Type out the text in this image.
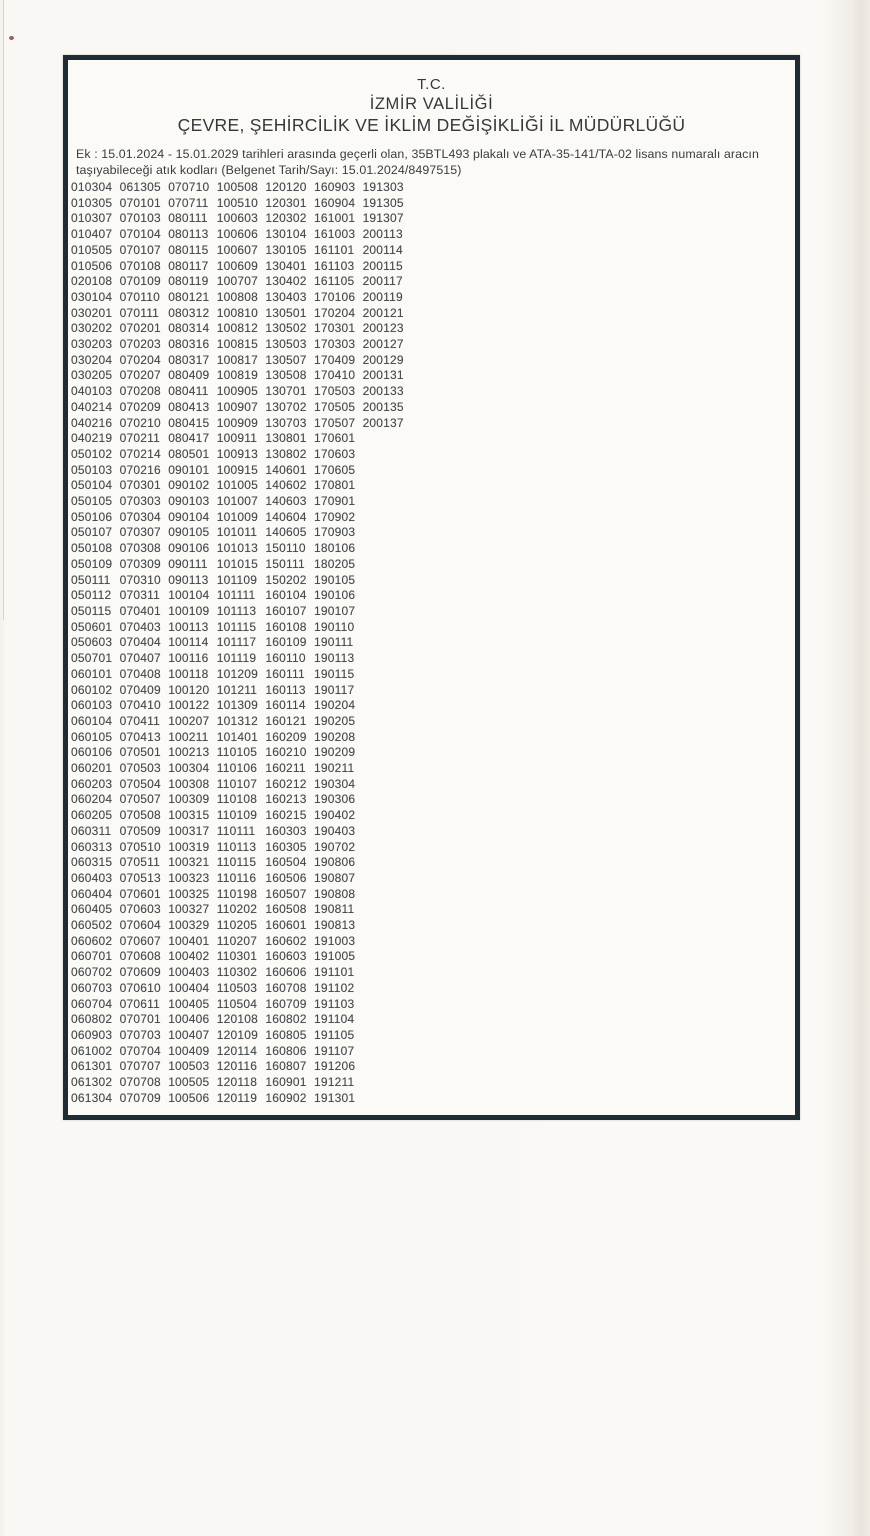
T.C.
İZMİR VALİLİĞİ
ÇEVRE, ŞEHİRCİLİK VE İKLİM DEĞİŞİKLİĞİ İL MÜDÜRLÜĞÜ
Ek : 15.01.2024 - 15.01.2029 tarihleri arasında geçerli olan, 35BTL493 plakalı ve ATA-35-141/TA-02 lisans numaralı aracın
taşıyabileceği atık kodları (Belgenet Tarih/Sayı: 15.01.2024/8497515)
010304
010305
010307
010407
010505
010506
020108
030104
030201
030202
030203
030204
030205
040103
040214
040216
040219
050102
050103
050104
050105
050106
050107
050108
050109
050111
050112
050115
050601
050603
050701
060101
060102
060103
060104
060105
060106
060201
060203
060204
060205
060311
060313
060315
060403
060404
060405
060502
060602
060701
060702
060703
060704
060802
060903
061002
061301
061302
061304
061305
070101
070103
070104
070107
070108
070109
070110
070111
070201
070203
070204
070207
070208
070209
070210
070211
070214
070216
070301
070303
070304
070307
070308
070309
070310
070311
070401
070403
070404
070407
070408
070409
070410
070411
070413
070501
070503
070504
070507
070508
070509
070510
070511
070513
070601
070603
070604
070607
070608
070609
070610
070611
070701
070703
070704
070707
070708
070709
070710
070711
080111
080113
080115
080117
080119
080121
080312
080314
080316
080317
080409
080411
080413
080415
080417
080501
090101
090102
090103
090104
090105
090106
090111
090113
100104
100109
100113
100114
100116
100118
100120
100122
100207
100211
100213
100304
100308
100309
100315
100317
100319
100321
100323
100325
100327
100329
100401
100402
100403
100404
100405
100406
100407
100409
100503
100505
100506
100508
100510
100603
100606
100607
100609
100707
100808
100810
100812
100815
100817
100819
100905
100907
100909
100911
100913
100915
101005
101007
101009
101011
101013
101015
101109
101111
101113
101115
101117
101119
101209
101211
101309
101312
101401
110105
110106
110107
110108
110109
110111
110113
110115
110116
110198
110202
110205
110207
110301
110302
110503
110504
120108
120109
120114
120116
120118
120119
120120
120301
120302
130104
130105
130401
130402
130403
130501
130502
130503
130507
130508
130701
130702
130703
130801
130802
140601
140602
140603
140604
140605
150110
150111
150202
160104
160107
160108
160109
160110
160111
160113
160114
160121
160209
160210
160211
160212
160213
160215
160303
160305
160504
160506
160507
160508
160601
160602
160603
160606
160708
160709
160802
160805
160806
160807
160901
160902
160903
160904
161001
161003
161101
161103
161105
170106
170204
170301
170303
170409
170410
170503
170505
170507
170601
170603
170605
170801
170901
170902
170903
180106
180205
190105
190106
190107
190110
190111
190113
190115
190117
190204
190205
190208
190209
190211
190304
190306
190402
190403
190702
190806
190807
190808
190811
190813
191003
191005
191101
191102
191103
191104
191105
191107
191206
191211
191301
191303
191305
191307
200113
200114
200115
200117
200119
200121
200123
200127
200129
200131
200133
200135
200137
